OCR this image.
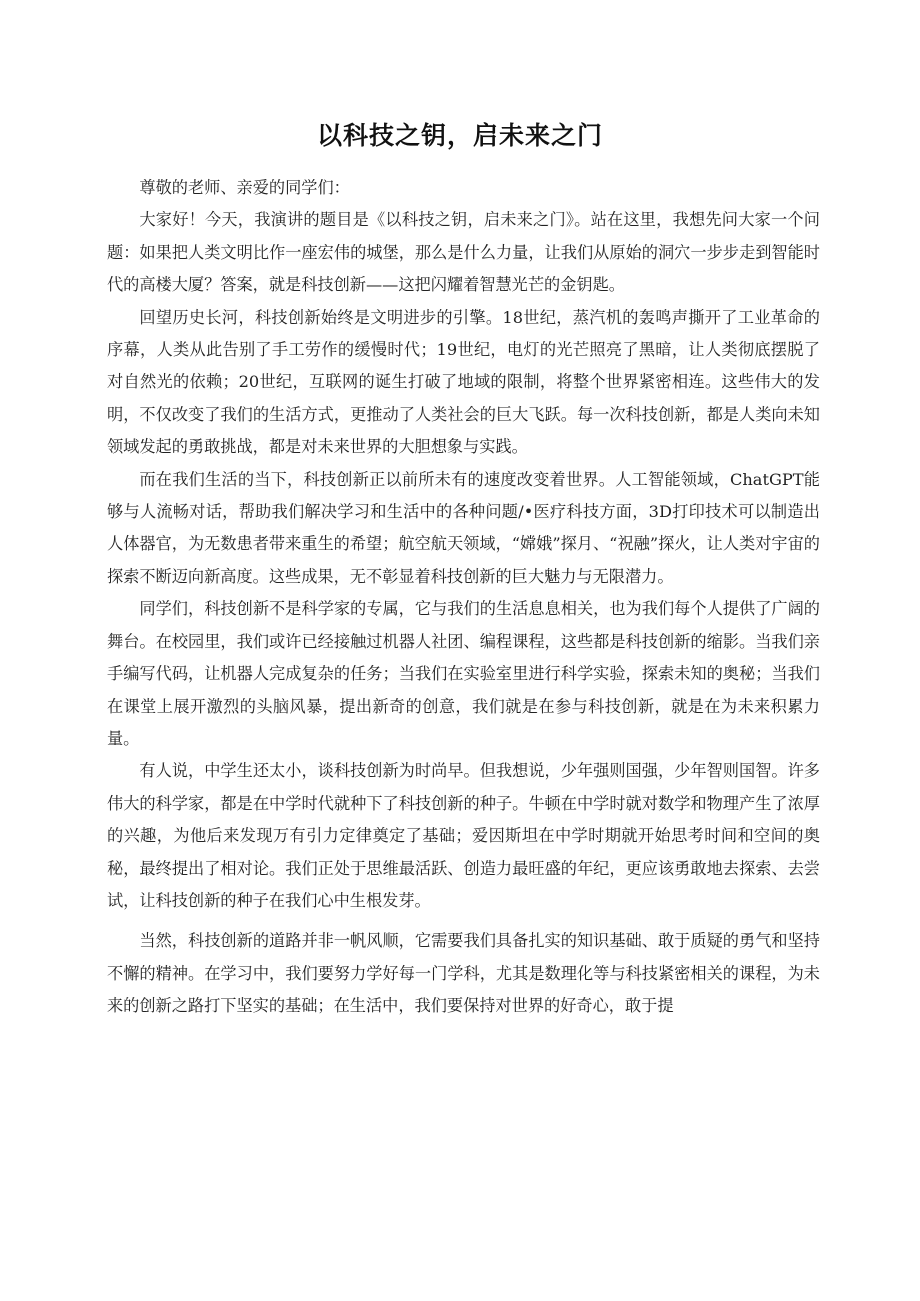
以科技之钥，启未来之门

尊敬的老师、亲爱的同学们：

大家好！今天，我演讲的题目是《以科技之钥，启未来之门》。站在这里，我想先问大家一个问题：如果把人类文明比作一座宏伟的城堡，那么是什么力量，让我们从原始的洞穴一步步走到智能时代的高楼大厦？答案，就是科技创新——这把闪耀着智慧光芒的金钥匙。

回望历史长河，科技创新始终是文明进步的引擎。18世纪，蒸汽机的轰鸣声撕开了工业革命的序幕，人类从此告别了手工劳作的缓慢时代；19世纪，电灯的光芒照亮了黑暗，让人类彻底摆脱了对自然光的依赖；20世纪，互联网的诞生打破了地域的限制，将整个世界紧密相连。这些伟大的发明，不仅改变了我们的生活方式，更推动了人类社会的巨大飞跃。每一次科技创新，都是人类向未知领域发起的勇敢挑战，都是对未来世界的大胆想象与实践。

而在我们生活的当下，科技创新正以前所未有的速度改变着世界。人工智能领域，ChatGPT能够与人流畅对话，帮助我们解决学习和生活中的各种问题/•医疗科技方面，3D打印技术可以制造出人体器官，为无数患者带来重生的希望；航空航天领域，“嫦娥”探月、“祝融”探火，让人类对宇宙的探索不断迈向新高度。这些成果，无不彰显着科技创新的巨大魅力与无限潜力。

同学们，科技创新不是科学家的专属，它与我们的生活息息相关，也为我们每个人提供了广阔的舞台。在校园里，我们或许已经接触过机器人社团、编程课程，这些都是科技创新的缩影。当我们亲手编写代码，让机器人完成复杂的任务；当我们在实验室里进行科学实验，探索未知的奥秘；当我们在课堂上展开激烈的头脑风暴，提出新奇的创意，我们就是在参与科技创新，就是在为未来积累力量。

有人说，中学生还太小，谈科技创新为时尚早。但我想说，少年强则国强，少年智则国智。许多伟大的科学家，都是在中学时代就种下了科技创新的种子。牛顿在中学时就对数学和物理产生了浓厚的兴趣，为他后来发现万有引力定律奠定了基础；爱因斯坦在中学时期就开始思考时间和空间的奥秘，最终提出了相对论。我们正处于思维最活跃、创造力最旺盛的年纪，更应该勇敢地去探索、去尝试，让科技创新的种子在我们心中生根发芽。

当然，科技创新的道路并非一帆风顺，它需要我们具备扎实的知识基础、敢于质疑的勇气和坚持不懈的精神。在学习中，我们要努力学好每一门学科，尤其是数理化等与科技紧密相关的课程，为未来的创新之路打下坚实的基础；在生活中，我们要保持对世界的好奇心，敢于提
